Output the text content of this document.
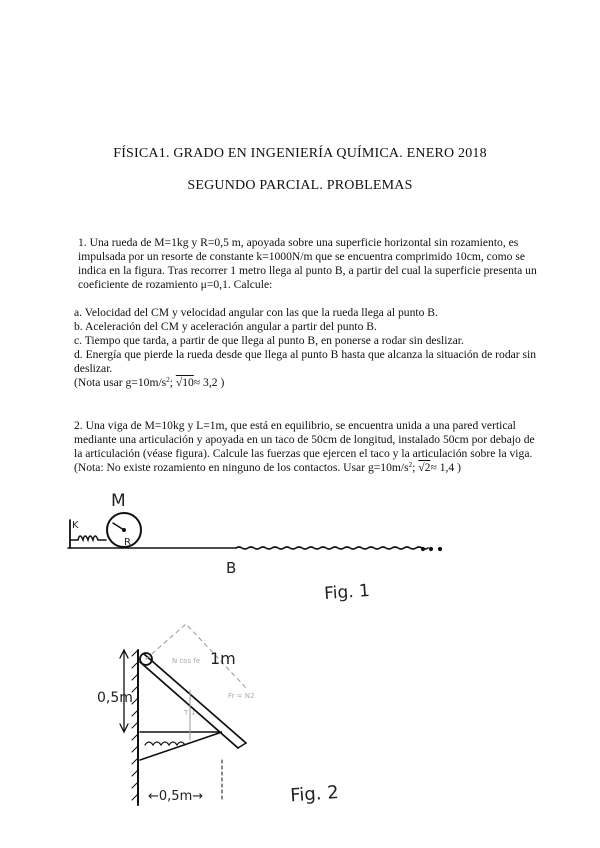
FÍSICA1. GRADO EN INGENIERÍA QUÍMICA. ENERO 2018
SEGUNDO PARCIAL. PROBLEMAS
1. Una rueda de M=1kg y R=0,5 m, apoyada sobre una superficie horizontal sin rozamiento, es
impulsada por un resorte de constante k=1000N/m que se encuentra comprimido 10cm, como se
indica en la figura. Tras recorrer 1 metro llega al punto B, a partir del cual la superficie presenta un
coeficiente de rozamiento μ=0,1. Calcule:
a. Velocidad del CM y velocidad angular con las que la rueda llega al punto B.
b. Aceleración del CM y aceleración angular a partir del punto B.
c. Tiempo que tarda, a partir de que llega al punto B, en ponerse a rodar sin deslizar.
d. Energía que pierde la rueda desde que llega al punto B hasta que alcanza la situación de rodar sin
deslizar.
(Nota usar $g=10m/s^2$; √10≈ 3,2 )
2. Una viga de M=10kg y L=1m, que está en equilibrio, se encuentra unida a una pared vertical
mediante una articulación y apoyada en un taco de 50cm de longitud, instalado 50cm por debajo de
la articulación (véase figura). Calcule las fuerzas que ejercen el taco y la articulación sobre la viga.
(Nota: No existe rozamiento en ninguno de los contactos. Usar $g=10m/s^2$; √2≈ 1,4 )
M
K
R
B
Fig. 1
1m
0,5m
←0,5m→
N cos fe
T ↓
Fr = N2
Fig. 2
